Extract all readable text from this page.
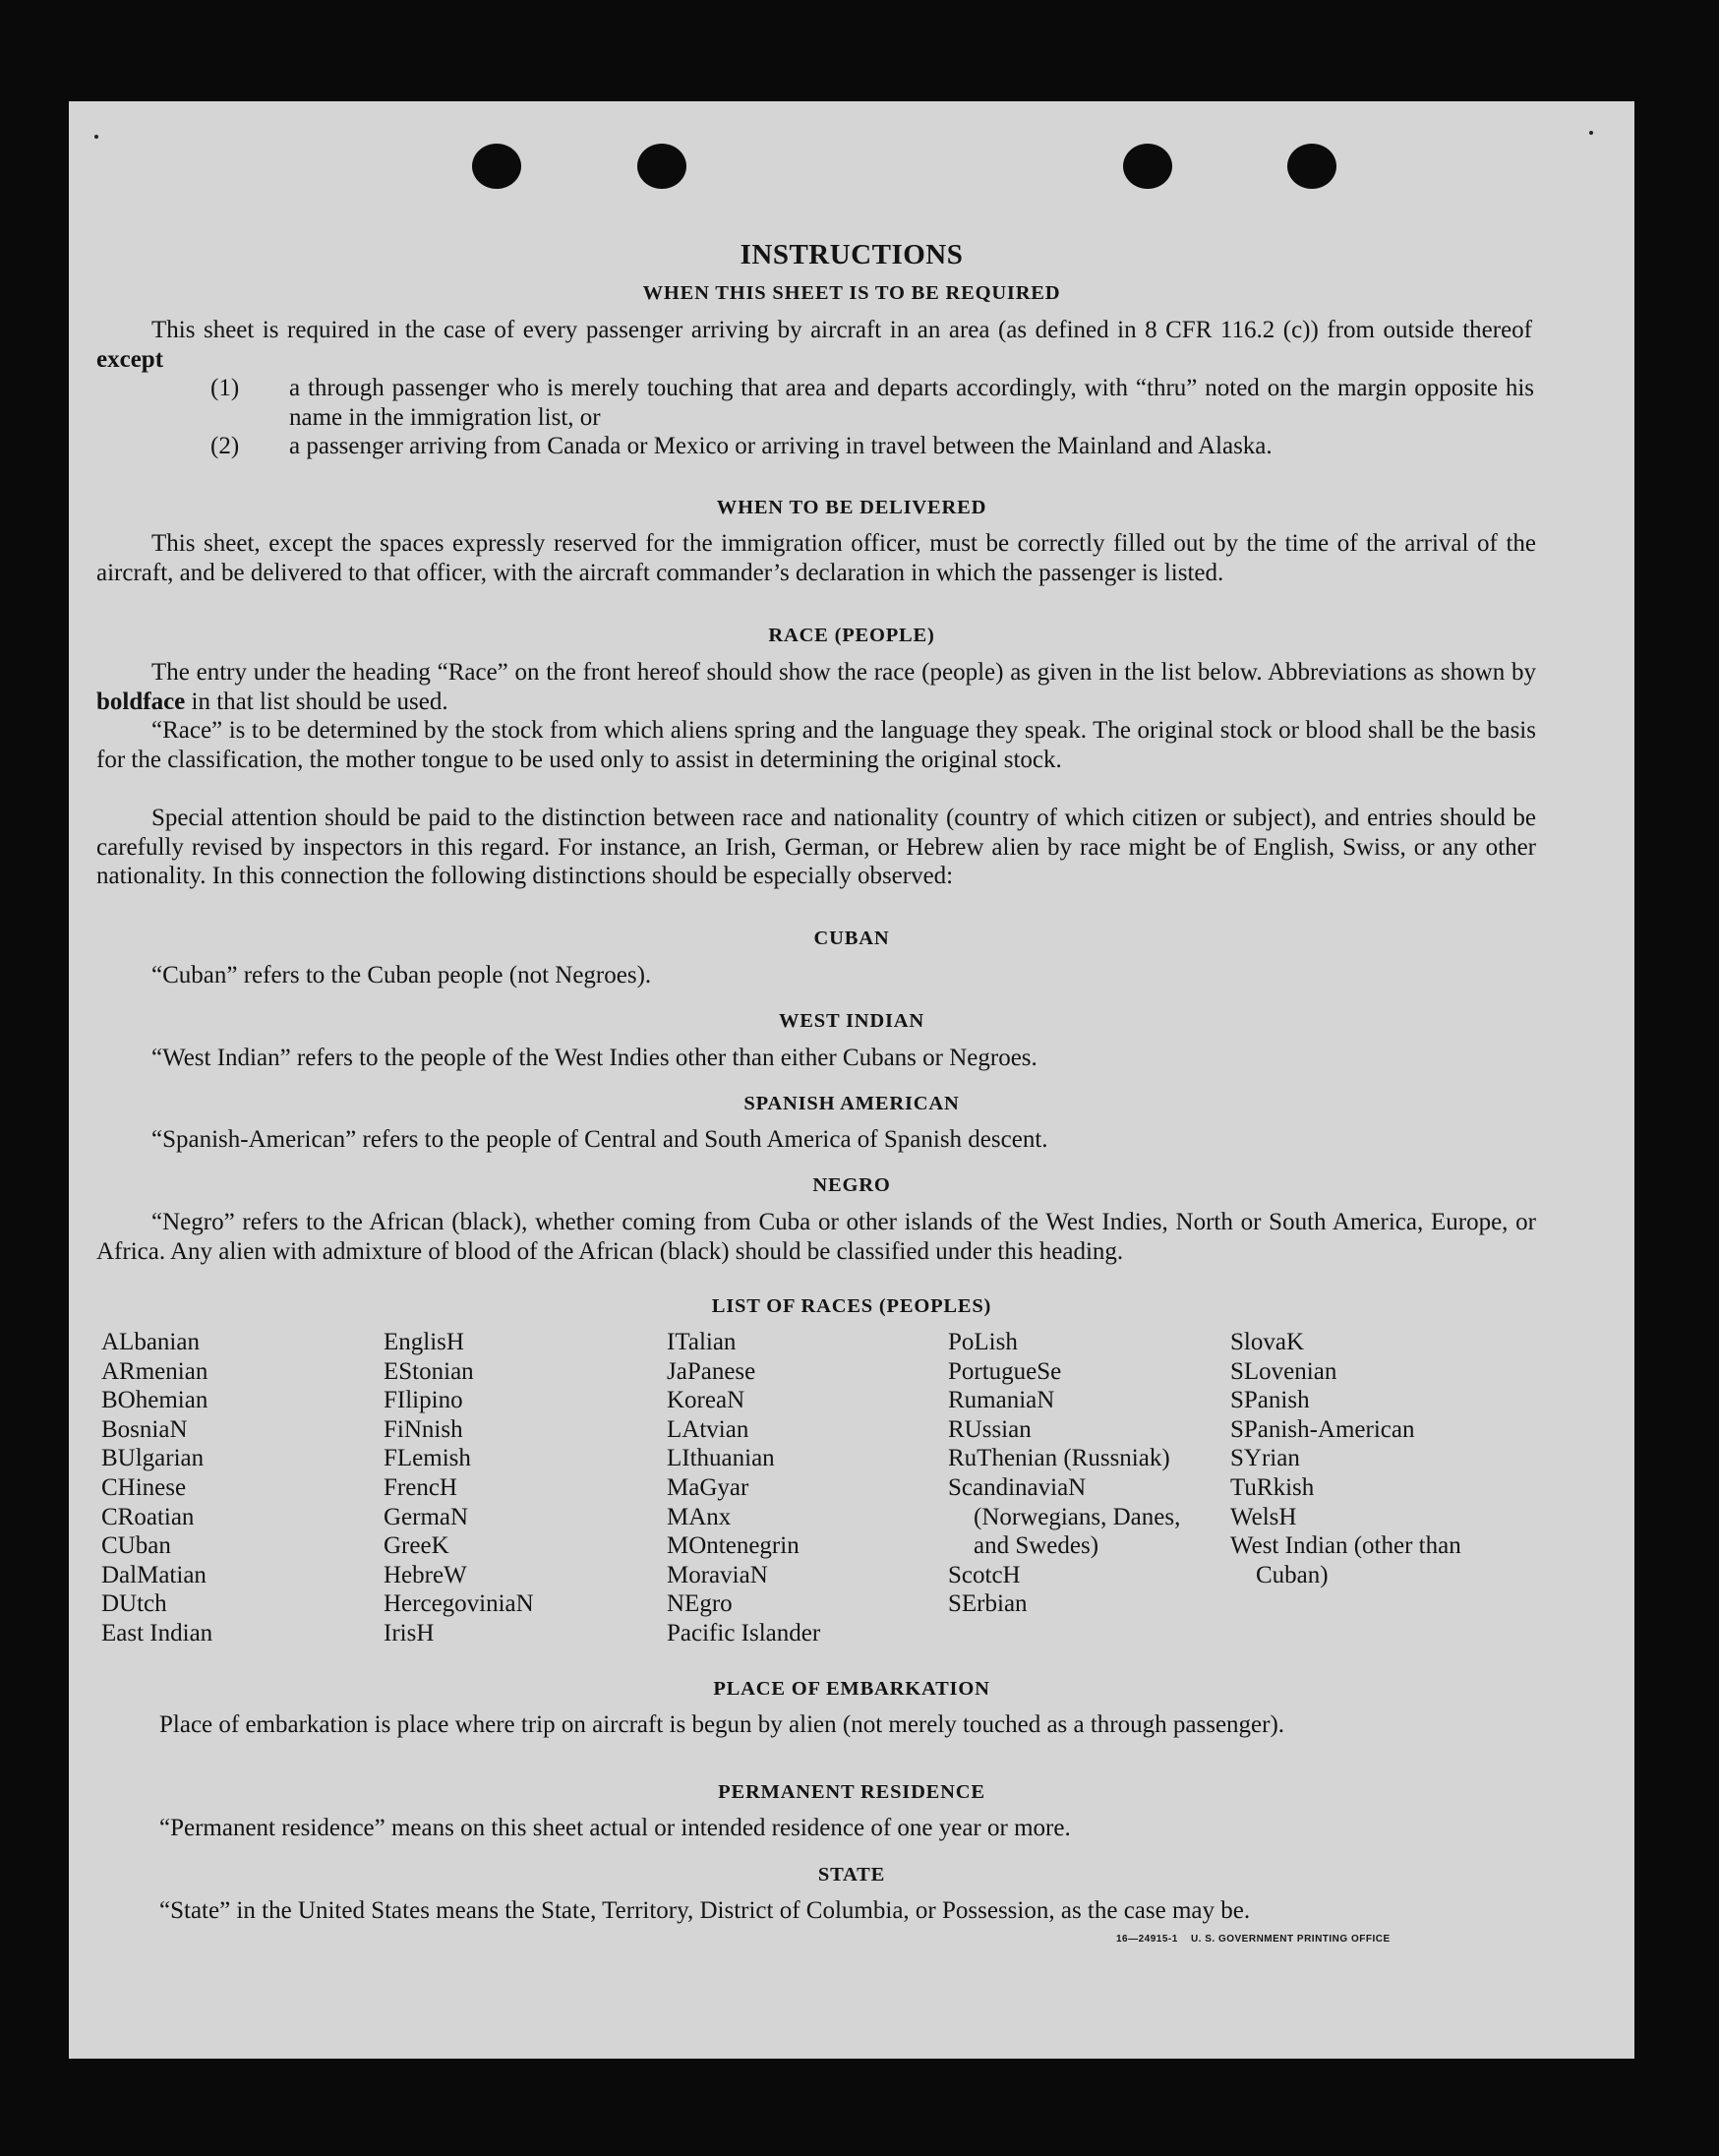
INSTRUCTIONS
WHEN THIS SHEET IS TO BE REQUIRED
This sheet is required in the case of every passenger arriving by aircraft in an area (as defined in 8 CFR 116.2 (c)) from outside thereof except
(1) a through passenger who is merely touching that area and departs accordingly, with “thru” noted on the margin opposite his name in the immigration list, or
(2) a passenger arriving from Canada or Mexico or arriving in travel between the Mainland and Alaska.
WHEN TO BE DELIVERED
This sheet, except the spaces expressly reserved for the immigration officer, must be correctly filled out by the time of the arrival of the aircraft, and be delivered to that officer, with the aircraft commander’s declaration in which the passenger is listed.
RACE (PEOPLE)
The entry under the heading “Race” on the front hereof should show the race (people) as given in the list below. Abbreviations as shown by boldface in that list should be used.
“Race” is to be determined by the stock from which aliens spring and the language they speak. The original stock or blood shall be the basis for the classification, the mother tongue to be used only to assist in determining the original stock.
Special attention should be paid to the distinction between race and nationality (country of which citizen or subject), and entries should be carefully revised by inspectors in this regard. For instance, an Irish, German, or Hebrew alien by race might be of English, Swiss, or any other nationality. In this connection the following distinctions should be especially observed:
CUBAN
“Cuban” refers to the Cuban people (not Negroes).
WEST INDIAN
“West Indian” refers to the people of the West Indies other than either Cubans or Negroes.
SPANISH AMERICAN
“Spanish-American” refers to the people of Central and South America of Spanish descent.
NEGRO
“Negro” refers to the African (black), whether coming from Cuba or other islands of the West Indies, North or South America, Europe, or Africa. Any alien with admixture of blood of the African (black) should be classified under this heading.
LIST OF RACES (PEOPLES)
ALbanian
ARmenian
BOhemian
BosniaN
BUlgarian
CHinese
CRoatian
CUban
DalMatian
DUtch
East Indian
EnglisH
EStonian
FIlipino
FiNnish
FLemish
FrencH
GermaN
GreeK
HebreW
HercegoviniaN
IrisH
ITalian
JaPanese
KoreaN
LAtvian
LIthuanian
MaGyar
MAnx
MOntenegrin
MoraviaN
NEgro
Pacific Islander
PoLish
PortugueSe
RumaniaN
RUssian
RuThenian (Russniak)
ScandinaviaN (Norwegians, Danes, and Swedes)
ScotcH
SErbian
SlovaK
SLovenian
SPanish
SPanish-American
SYrian
TuRkish
WelsH
West Indian (other than Cuban)
PLACE OF EMBARKATION
Place of embarkation is place where trip on aircraft is begun by alien (not merely touched as a through passenger).
PERMANENT RESIDENCE
“Permanent residence” means on this sheet actual or intended residence of one year or more.
STATE
“State” in the United States means the State, Territory, District of Columbia, or Possession, as the case may be.
16—24915-1 U. S. GOVERNMENT PRINTING OFFICE
